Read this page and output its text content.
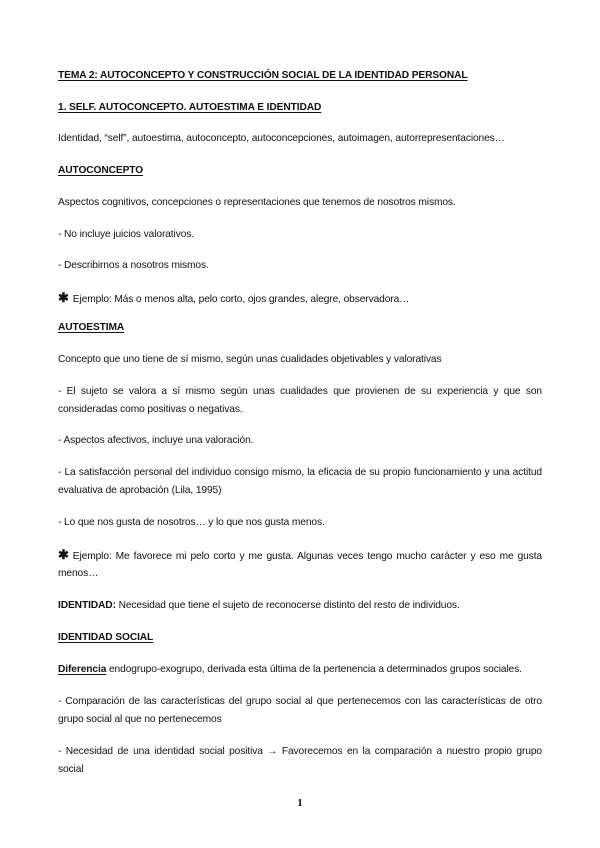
TEMA 2: AUTOCONCEPTO Y CONSTRUCCIÓN SOCIAL DE LA IDENTIDAD PERSONAL
1. SELF. AUTOCONCEPTO. AUTOESTIMA E IDENTIDAD
Identidad, “self”, autoestima, autoconcepto, autoconcepciones, autoimagen, autorrepresentaciones…
AUTOCONCEPTO
Aspectos cognitivos, concepciones o representaciones que tenemos de nosotros mismos.
- No incluye juicios valorativos.
- Describirnos a nosotros mismos.
✱ Ejemplo: Más o menos alta, pelo corto, ojos grandes, alegre, observadora…
AUTOESTIMA
Concepto que uno tiene de sí mismo, según unas cualidades objetivables y valorativas
- El sujeto se valora a sí mismo según unas cualidades que provienen de su experiencia y que son
consideradas como positivas o negativas.
- Aspectos afectivos, incluye una valoración.
- La satisfacción personal del individuo consigo mismo, la eficacia de su propio funcionamiento y una actitud
evaluativa de aprobación (Lila, 1995)
- Lo que nos gusta de nosotros… y lo que nos gusta menos.
✱ Ejemplo: Me favorece mi pelo corto y me gusta. Algunas veces tengo mucho carácter y eso me gusta
menos…
IDENTIDAD: Necesidad que tiene el sujeto de reconocerse distinto del resto de individuos.
IDENTIDAD SOCIAL
Diferencia endogrupo-exogrupo, derivada esta última de la pertenencia a determinados grupos sociales.
- Comparación de las características del grupo social al que pertenecemos con las características de otro
grupo social al que no pertenecemos
- Necesidad de una identidad social positiva → Favorecemos en la comparación a nuestro propio grupo
social
1
